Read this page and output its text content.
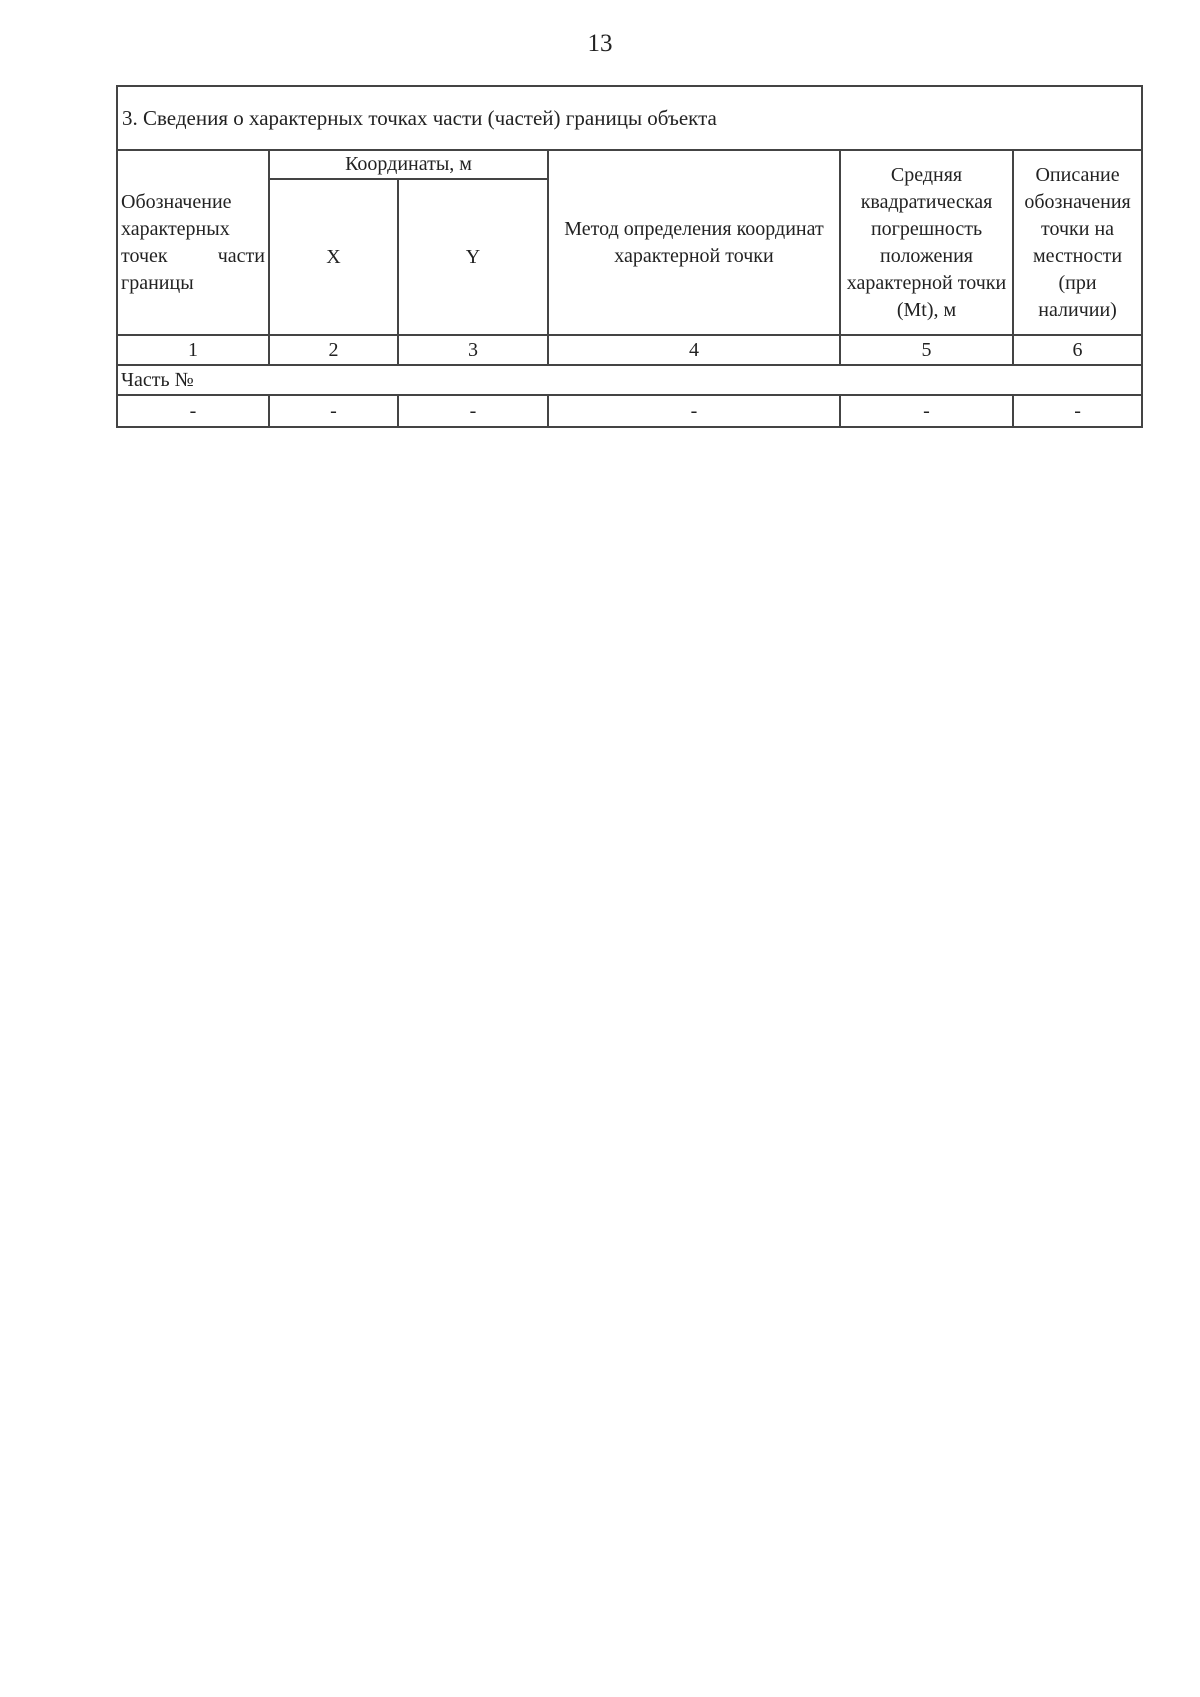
13
3. Сведения о характерных точках части (частей) границы объекта					
Обозначение характерных точек части границы	Координаты, м		Метод определения координат характерной точки	Средняя квадратическая погрешность положения характерной точки (Mt), м	Описание обозначения точки на местности (при наличии)
	X	Y			
1	2	3	4	5	6
Часть №					
-	-	-	-	-	-
